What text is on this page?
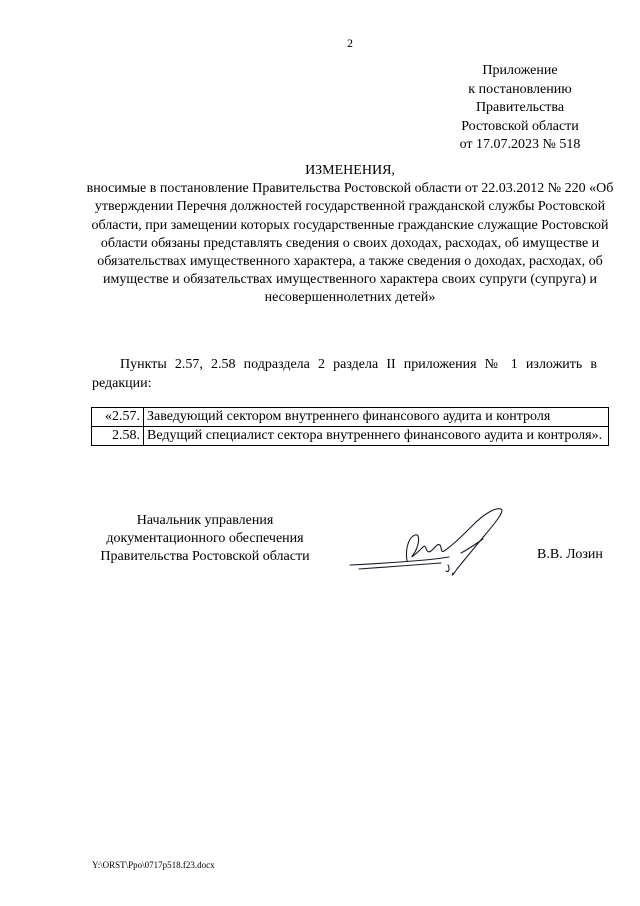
2
Приложение
к постановлению
Правительства
Ростовской области
от 17.07.2023 № 518
ИЗМЕНЕНИЯ,
вносимые в постановление Правительства Ростовской области от 22.03.2012 № 220 «Об утверждении Перечня должностей государственной гражданской службы Ростовской области, при замещении которых государственные гражданские служащие Ростовской области обязаны представлять сведения о своих доходах, расходах, об имуществе и обязательствах имущественного характера, а также сведения о доходах, расходах, об имуществе и обязательствах имущественного характера своих супруги (супруга) и несовершеннолетних детей»
Пункты 2.57, 2.58 подраздела 2 раздела II приложения № 1 изложить в редакции:
«2.57.	Заведующий сектором внутреннего финансового аудита и контроля
2.58.	Ведущий специалист сектора внутреннего финансового аудита и контроля».
Начальник управления
документационного обеспечения
Правительства Ростовской области	В.В. Лозин
Y:\ORST\Ppo\0717p518.f23.docx
